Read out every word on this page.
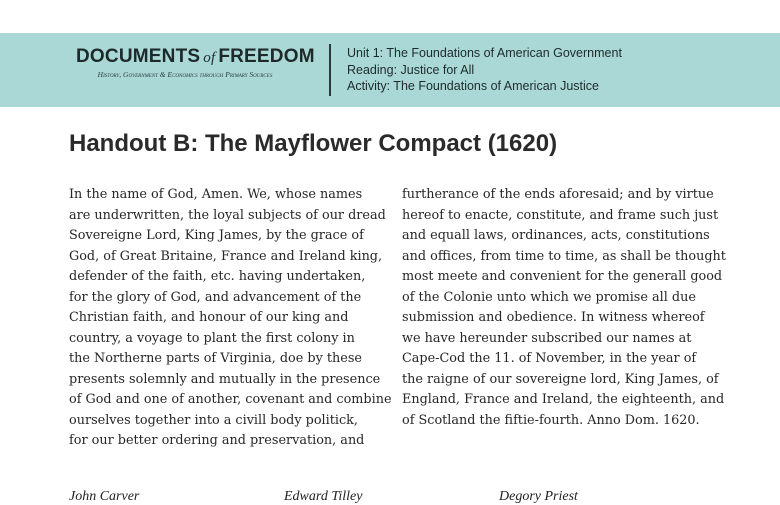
DOCUMENTS of FREEDOM
History, Government & Economics through Primary Sources
Unit 1: The Foundations of American Government
Reading: Justice for All
Activity: The Foundations of American Justice
Handout B: The Mayflower Compact (1620)
In the name of God, Amen. We, whose names
are underwritten, the loyal subjects of our dread
Sovereigne Lord, King James, by the grace of
God, of Great Britaine, France and Ireland king,
defender of the faith, etc. having undertaken,
for the glory of God, and advancement of the
Christian faith, and honour of our king and
country, a voyage to plant the first colony in
the Northerne parts of Virginia, doe by these
presents solemnly and mutually in the presence
of God and one of another, covenant and combine
ourselves together into a civill body politick,
for our better ordering and preservation, and
furtherance of the ends aforesaid; and by virtue
hereof to enacte, constitute, and frame such just
and equall laws, ordinances, acts, constitutions
and offices, from time to time, as shall be thought
most meete and convenient for the generall good
of the Colonie unto which we promise all due
submission and obedience. In witness whereof
we have hereunder subscribed our names at
Cape-Cod the 11. of November, in the year of
the raigne of our sovereigne lord, King James, of
England, France and Ireland, the eighteenth, and
of Scotland the fiftie-fourth. Anno Dom. 1620.
John Carver	Edward Tilley	Degory Priest
